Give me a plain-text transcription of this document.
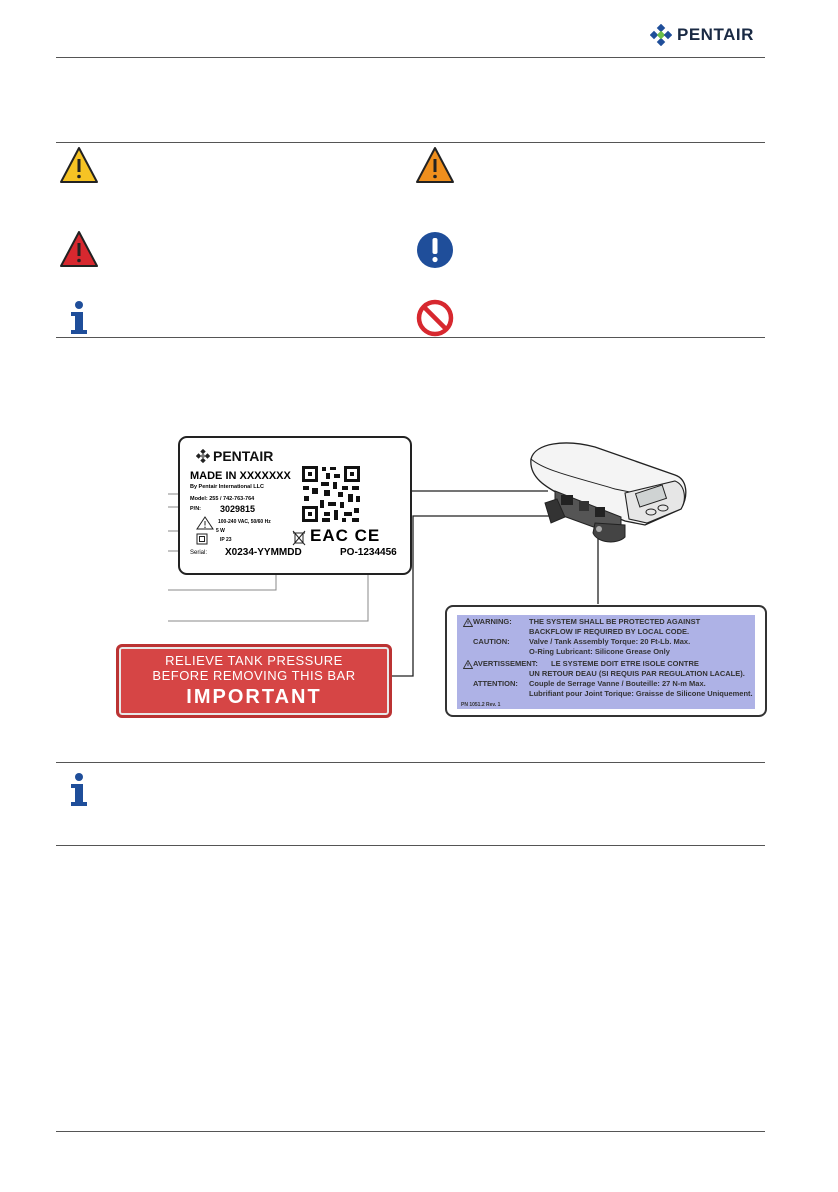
PENTAIR
PENTAIR
MADE IN XXXXXXX
By Pentair International LLC
Model: 255 / 742-763-764
P/N: 3029815
100-240 VAC, 50/60 Hz
5 W
IP 23
Serial: X0234-YYMMDD	PO-1234456
EAC CE
RELIEVE TANK PRESSURE
BEFORE REMOVING THIS BAR
IMPORTANT
WARNING: THE SYSTEM SHALL BE PROTECTED AGAINST
BACKFLOW IF REQUIRED BY LOCAL CODE.
CAUTION:	Valve / Tank Assembly Torque: 20 Ft-Lb. Max.
O-Ring Lubricant: Silicone Grease Only
AVERTISSEMENT: LE SYSTEME DOIT ETRE ISOLE CONTRE
UN RETOUR DEAU (SI REQUIS PAR REGULATION LACALE).
ATTENTION: Couple de Serrage Vanne / Bouteille: 27 N-m Max.
Lubrifiant pour Joint Torique: Graisse de Silicone Uniquement.
PN 1051.2 Rev. 1
